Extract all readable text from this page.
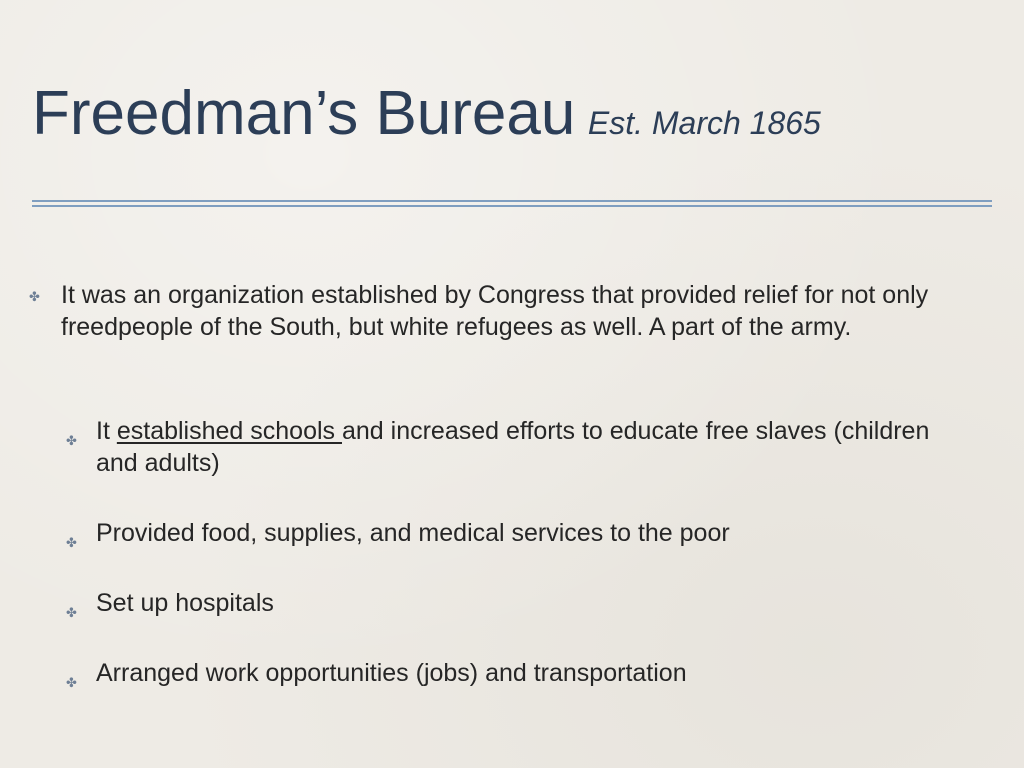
Freedman’s Bureau Est. March 1865
✤ It was an organization established by Congress that provided relief for not only freedpeople of the South, but white refugees as well. A part of the army.
✤ It established schools and increased efforts to educate free slaves (children and adults)
✤ Provided food, supplies, and medical services to the poor
✤ Set up hospitals
✤ Arranged work opportunities (jobs) and transportation
